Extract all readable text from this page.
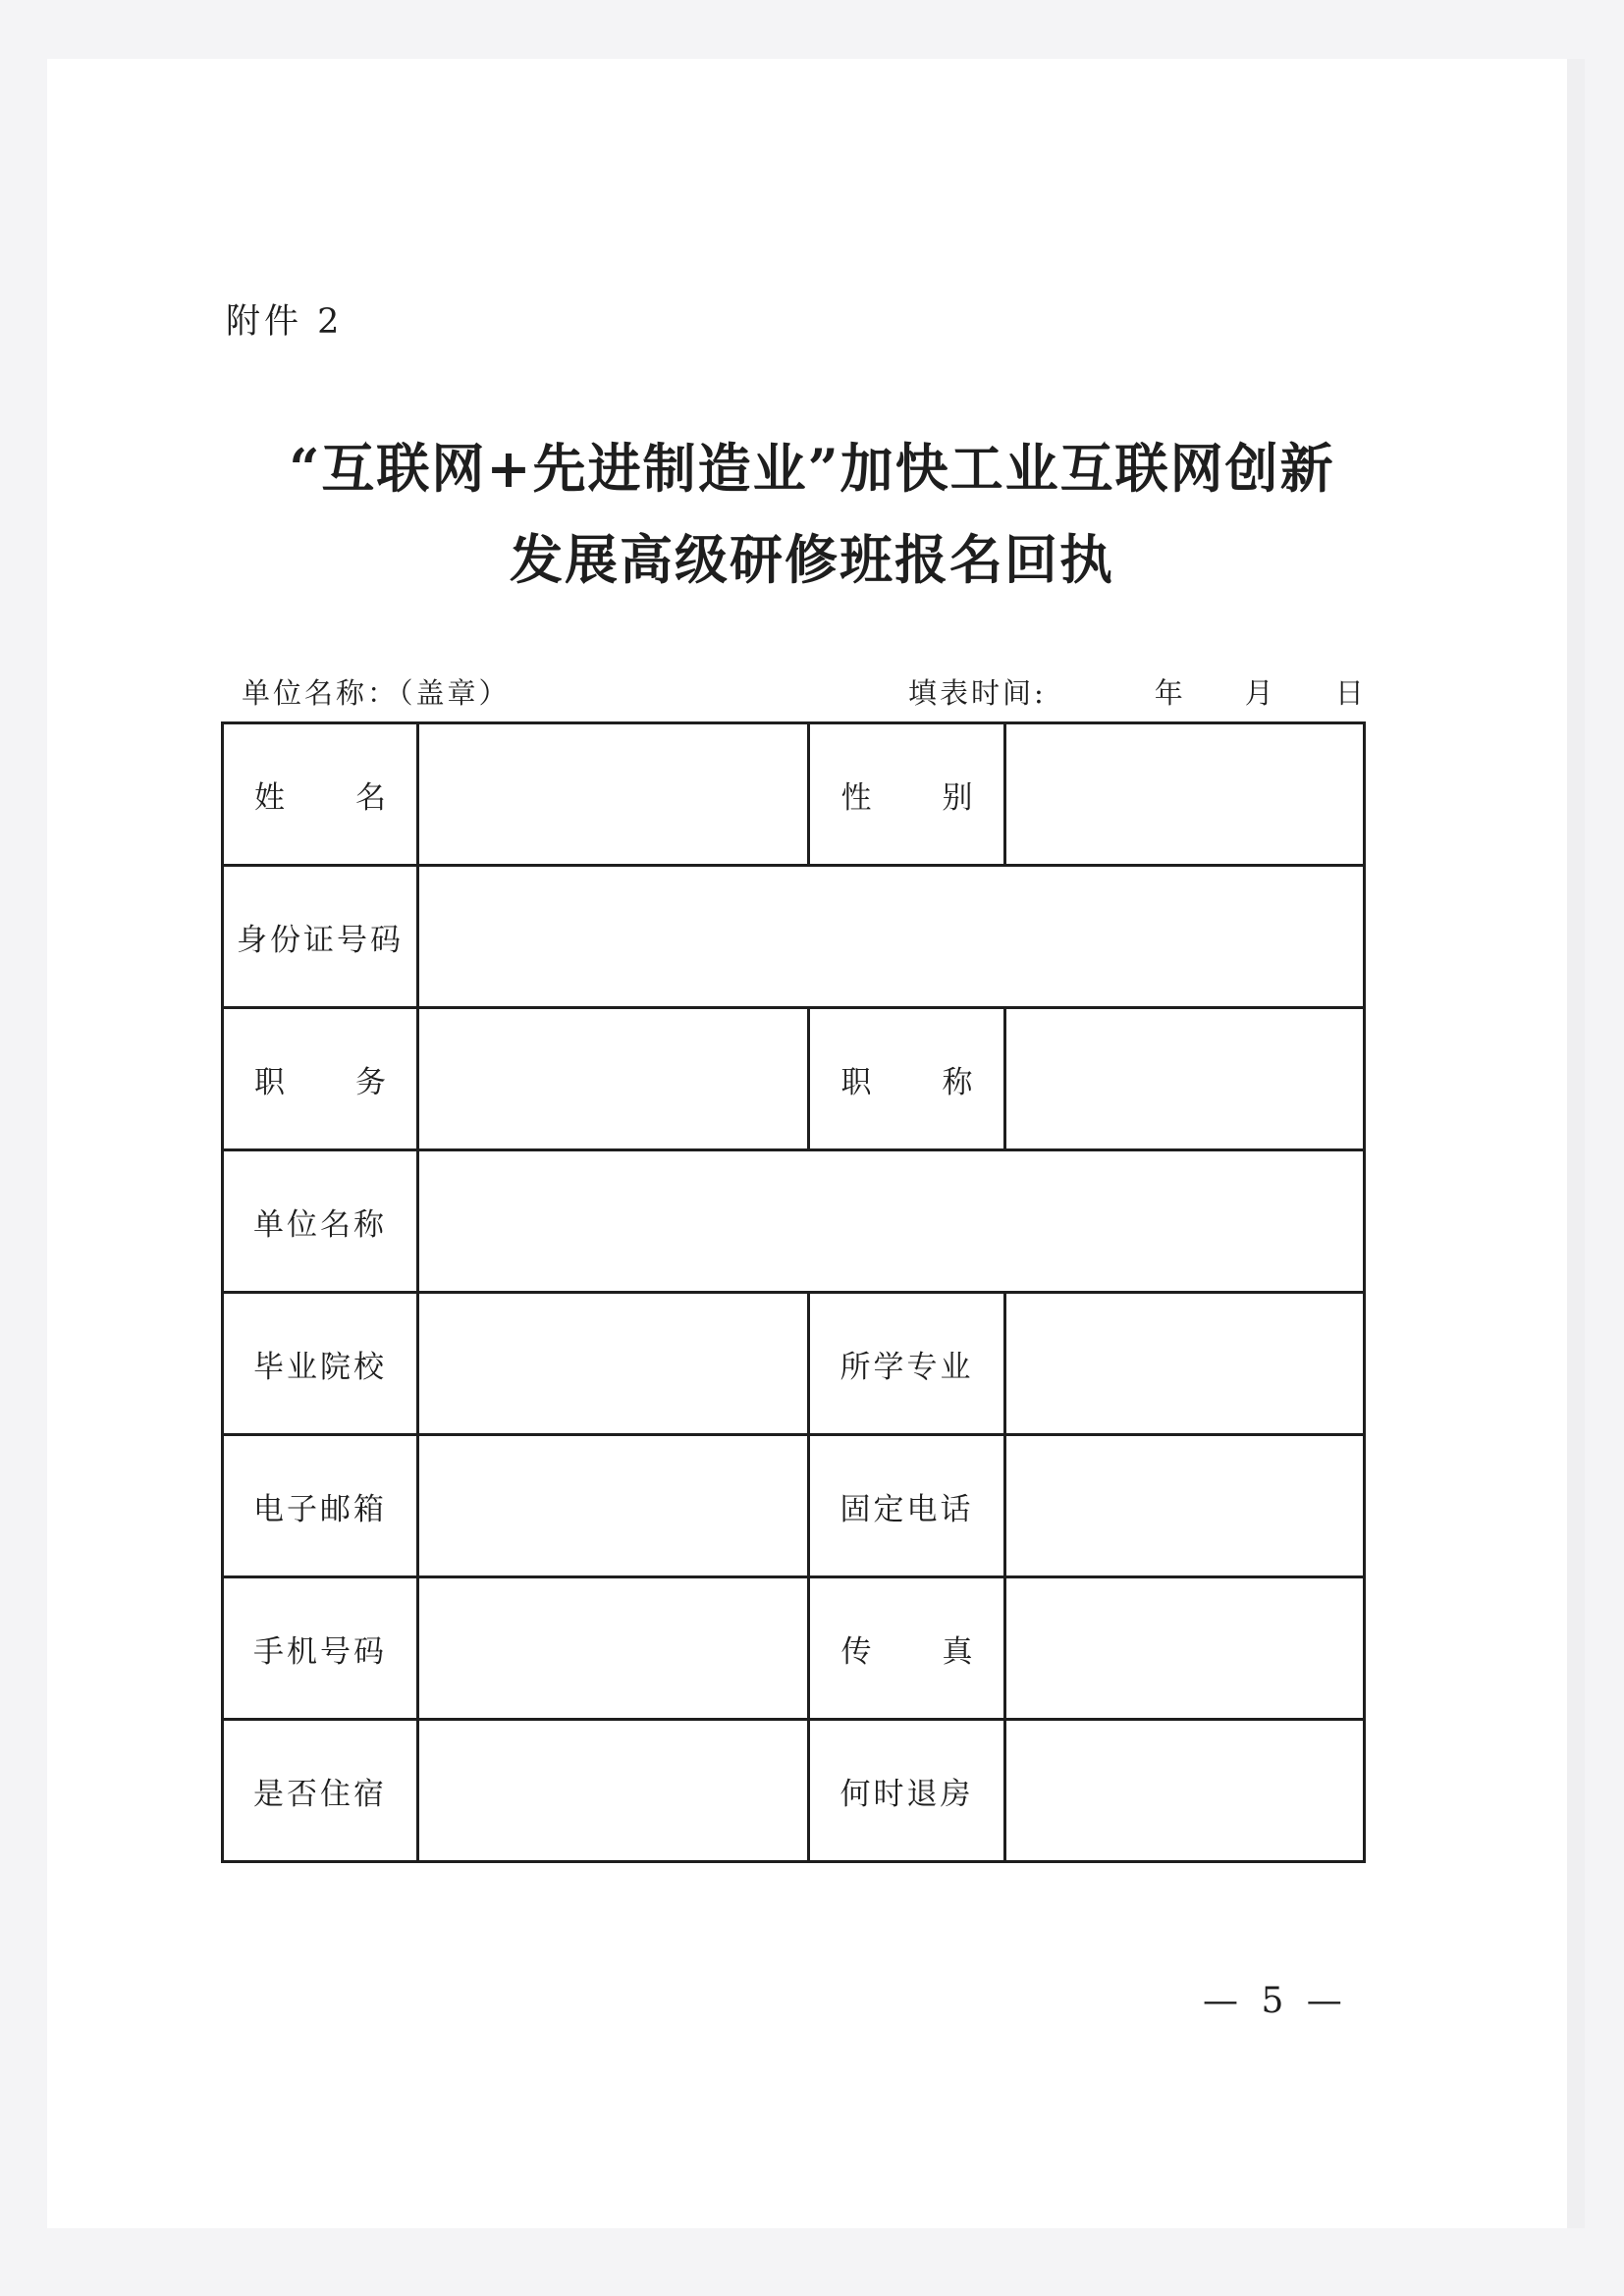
附件 2
“互联网+先进制造业”加快工业互联网创新
发展高级研修班报名回执
单位名称：（盖章）	填表时间:	年 月 日
姓 名		性 别	
身份证号码			
职 务		职 称	
单位名称			
毕业院校		所学专业	
电子邮箱		固定电话	
手机号码		传 真	
是否住宿		何时退房	
— 5 —
